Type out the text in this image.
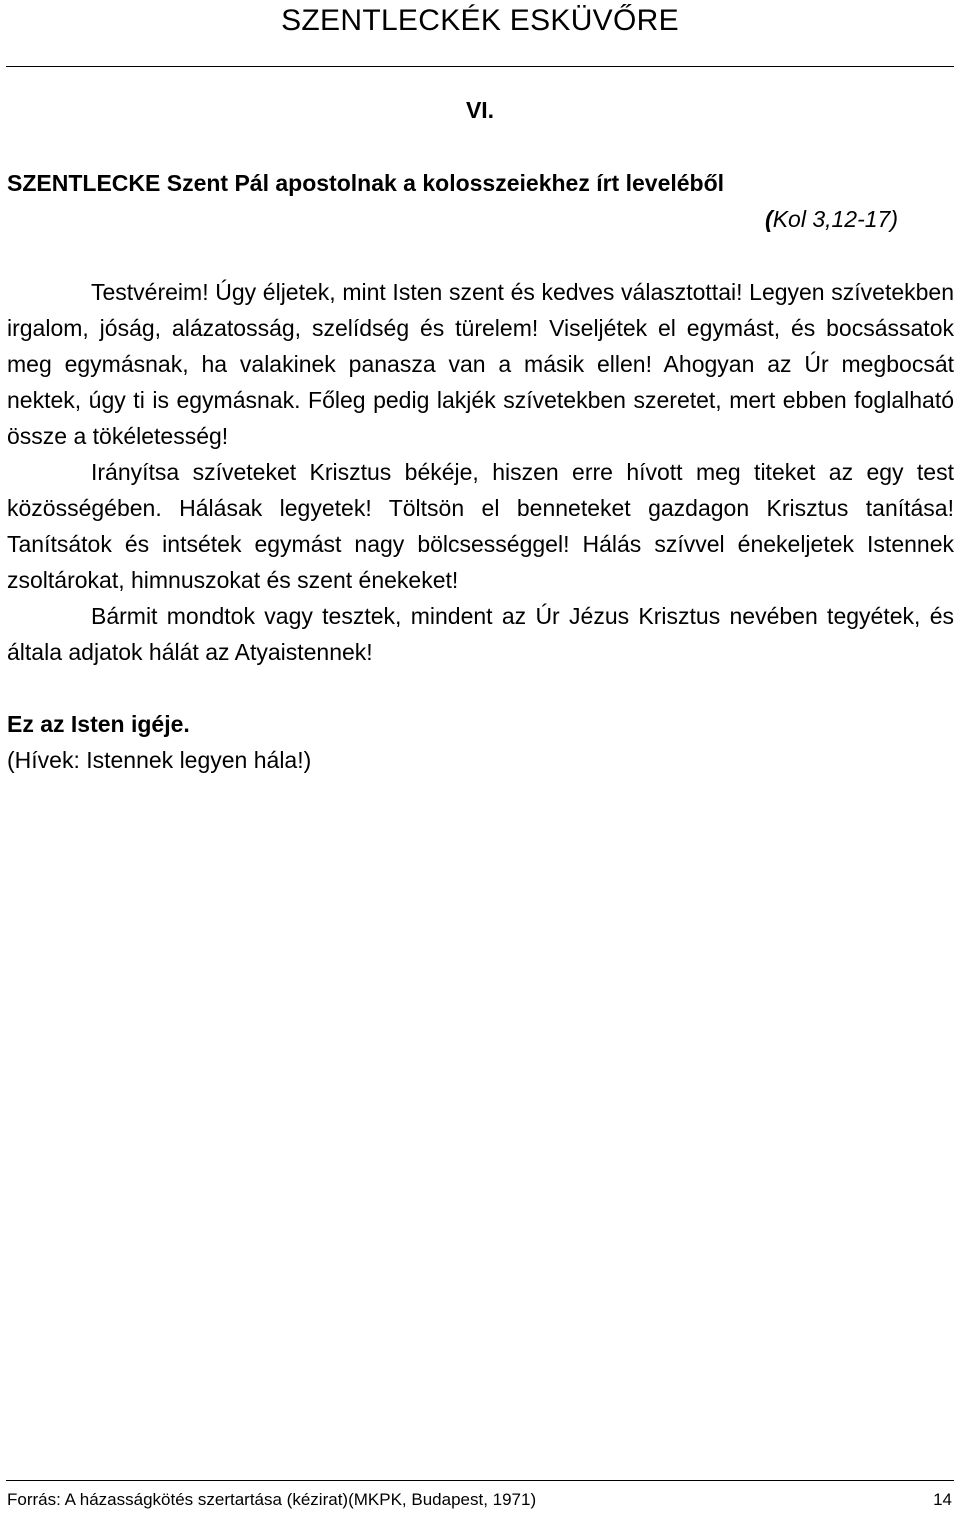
SZENTLECKÉK ESKÜVŐRE
VI.
SZENTLECKE Szent Pál apostolnak a kolosszeiekhez írt leveléből
(Kol 3,12-17)

Testvéreim! Úgy éljetek, mint Isten szent és kedves választottai! Legyen szívetekben irgalom, jóság, alázatosság, szelídség és türelem! Viseljétek el egymást, és bocsássatok meg egymásnak, ha valakinek panasza van a másik ellen! Ahogyan az Úr megbocsát nektek, úgy ti is egymásnak. Főleg pedig lakjék szívetekben szeretet, mert ebben foglalható össze a tökéletesség!

Irányítsa szíveteket Krisztus békéje, hiszen erre hívott meg titeket az egy test közösségében. Hálásak legyetek! Töltsön el benneteket gazdagon Krisztus tanítása! Tanítsátok és intsétek egymást nagy bölcsességgel! Hálás szívvel énekeljetek Istennek zsoltárokat, himnuszokat és szent énekeket!

Bármit mondtok vagy tesztek, mindent az Úr Jézus Krisztus nevében tegyétek, és általa adjatok hálát az Atyaistennek!

Ez az Isten igéje.
(Hívek: Istennek legyen hála!)
Forrás: A házasságkötés szertartása (kézirat)(MKPK, Budapest, 1971)	14
